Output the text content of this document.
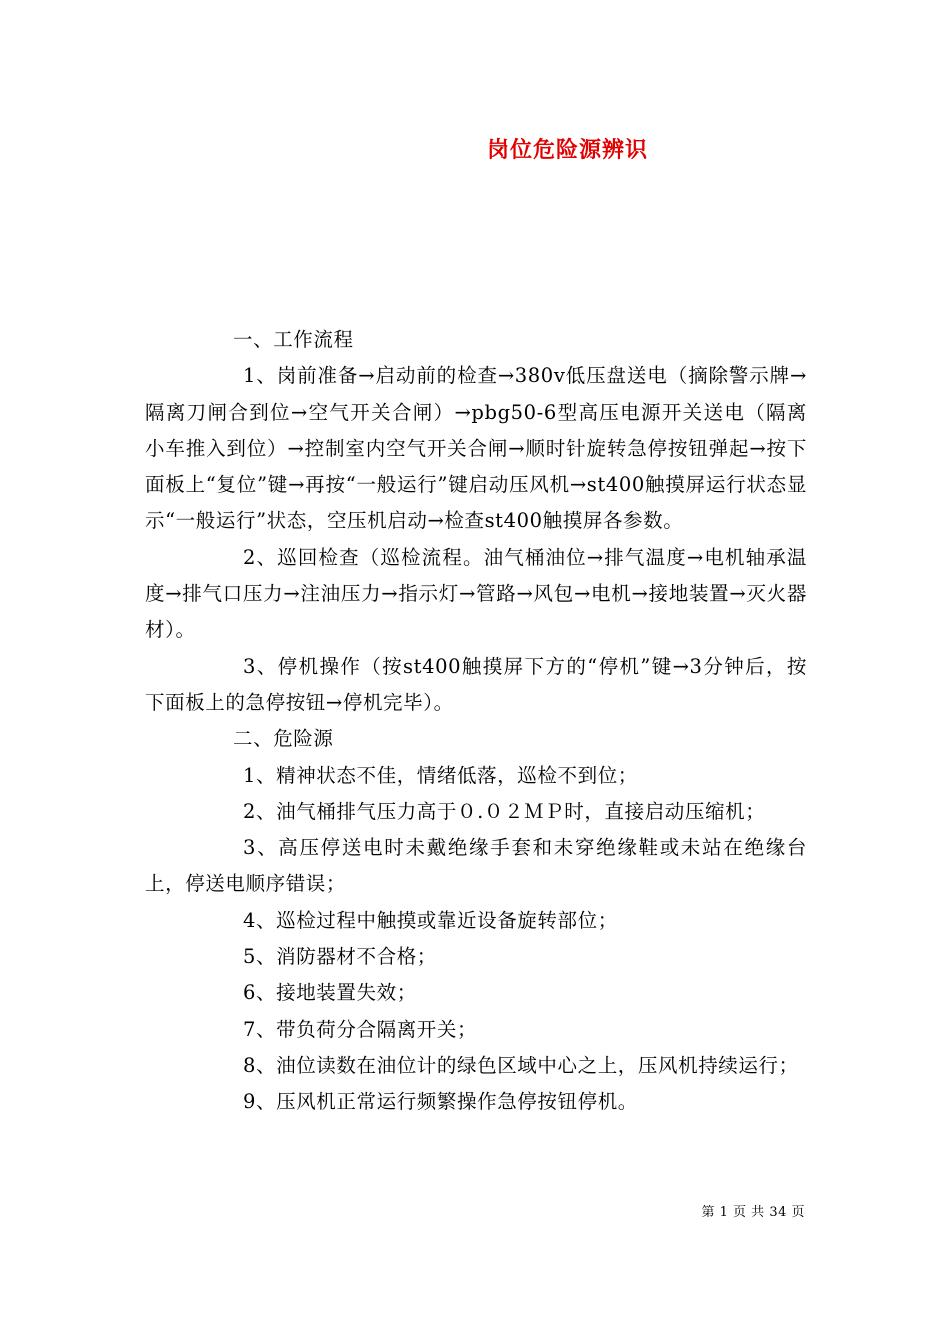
岗位危险源辨识

一、工作流程

1、岗前准备→启动前的检查→380v低压盘送电（摘除警示牌→隔离刀闸合到位→空气开关合闸）→pbg50-6型高压电源开关送电（隔离小车推入到位）→控制室内空气开关合闸→顺时针旋转急停按钮弹起→按下面板上“复位”键→再按“一般运行”键启动压风机→st400触摸屏运行状态显示“一般运行”状态，空压机启动→检查st400触摸屏各参数。

2、巡回检查（巡检流程。油气桶油位→排气温度→电机轴承温度→排气口压力→注油压力→指示灯→管路→风包→电机→接地装置→灭火器材）。

3、停机操作（按st400触摸屏下方的“停机”键→3分钟后，按下面板上的急停按钮→停机完毕）。

二、危险源

1、精神状态不佳，情绪低落，巡检不到位；

2、油气桶排气压力高于０.０２ＭＰ时，直接启动压缩机；

3、高压停送电时未戴绝缘手套和未穿绝缘鞋或未站在绝缘台上，停送电顺序错误；

4、巡检过程中触摸或靠近设备旋转部位；

5、消防器材不合格；

6、接地装置失效；

7、带负荷分合隔离开关；

8、油位读数在油位计的绿色区域中心之上，压风机持续运行；

9、压风机正常运行频繁操作急停按钮停机。

第 1 页 共 34 页
